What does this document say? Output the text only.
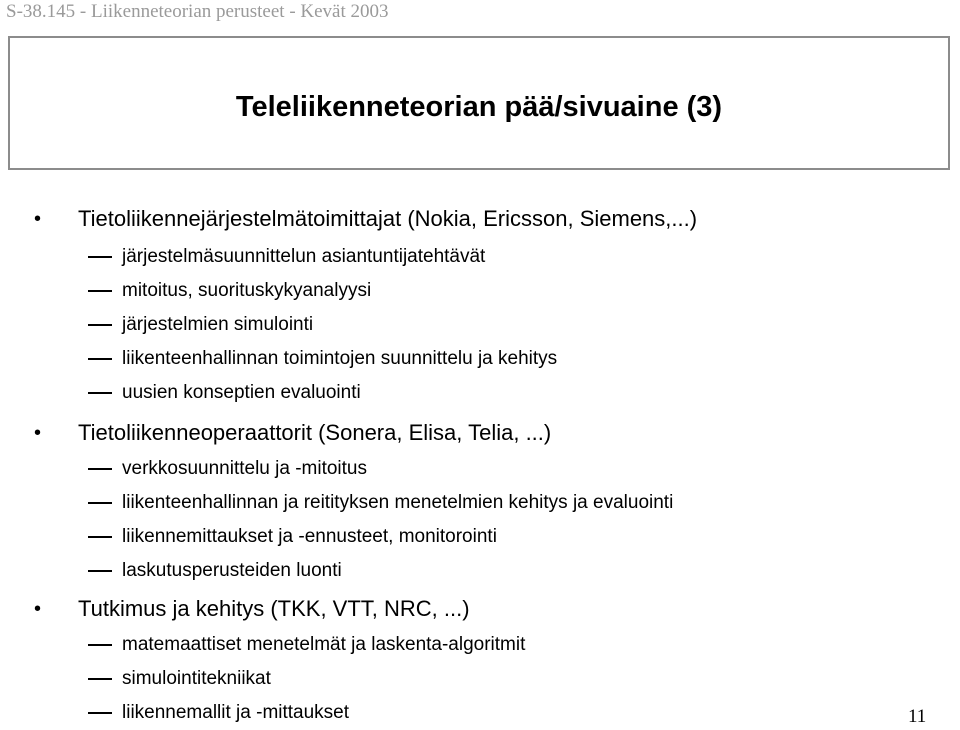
S-38.145 - Liikenneteorian perusteet - Kevät 2003
Teleliikenneteorian pää/sivuaine (3)
• Tietoliikennejärjestelmätoimittajat (Nokia, Ericsson, Siemens,...)
järjestelmäsuunnittelun asiantuntijatehtävät
mitoitus, suorituskykyanalyysi
järjestelmien simulointi
liikenteenhallinnan toimintojen suunnittelu ja kehitys
uusien konseptien evaluointi
• Tietoliikenneoperaattorit (Sonera, Elisa, Telia, ...)
verkkosuunnittelu ja -mitoitus
liikenteenhallinnan ja reitityksen menetelmien kehitys ja evaluointi
liikennemittaukset ja -ennusteet, monitorointi
laskutusperusteiden luonti
• Tutkimus ja kehitys (TKK, VTT, NRC, ...)
matemaattiset menetelmät ja laskenta-algoritmit
simulointitekniikat
liikennemallit ja -mittaukset	11
